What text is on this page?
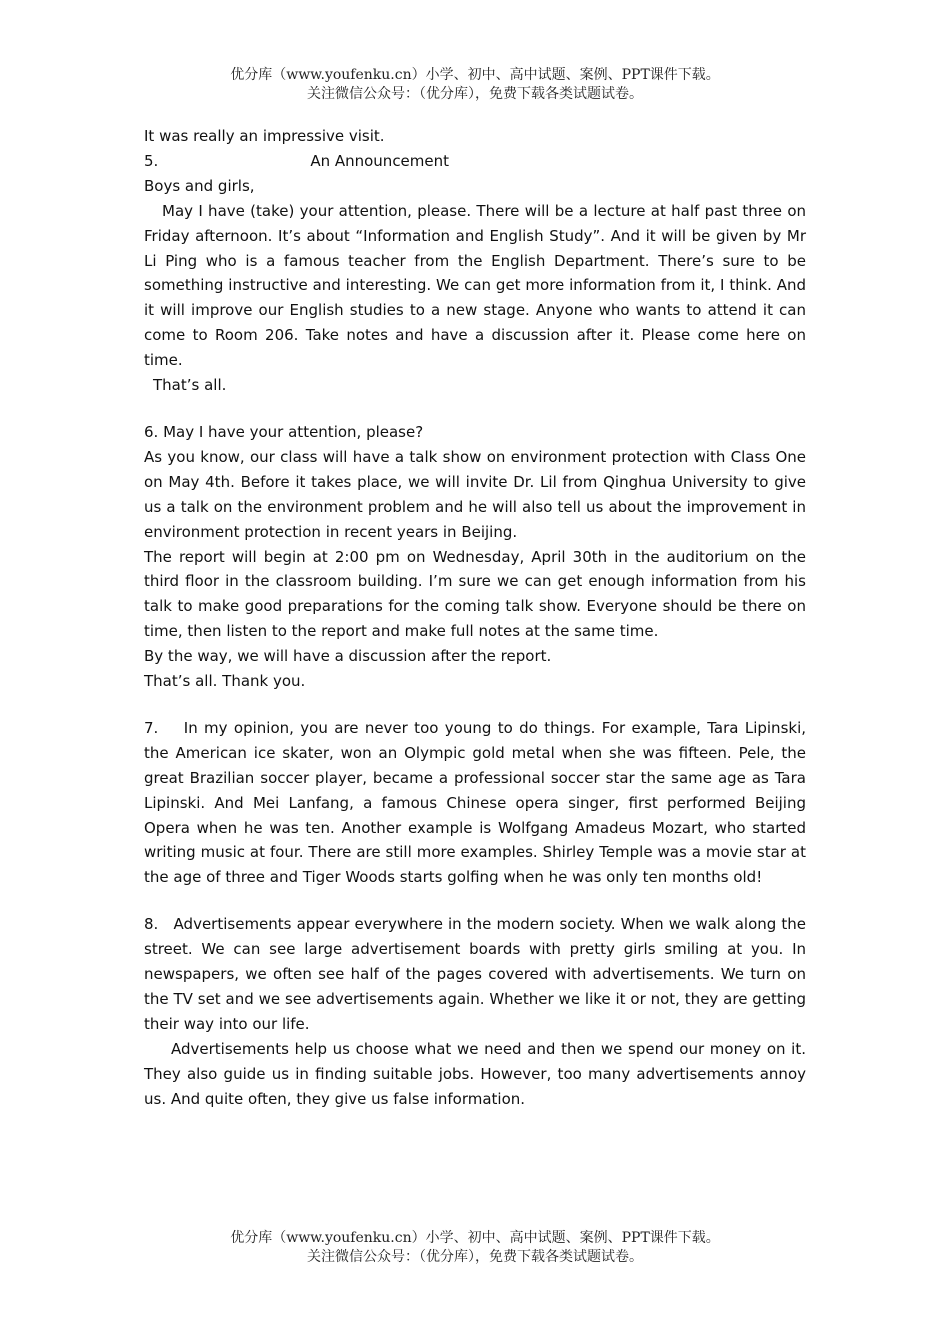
优分库（www.youfenku.cn）小学、初中、高中试题、案例、PPT课件下载。
关注微信公众号：（优分库），免费下载各类试题试卷。

It was really an impressive visit.

5.	An Announcement

Boys and girls,

May I have (take) your attention, please. There will be a lecture at half past three on Friday afternoon. It’s about “Information and English Study”. And it will be given by Mr Li Ping who is a famous teacher from the English Department. There’s sure to be something instructive and interesting. We can get more information from it, I think. And it will improve our English studies to a new stage. Anyone who wants to attend it can come to Room 206. Take notes and have a discussion after it. Please come here on time.

That’s all.

6. May I have your attention, please?

As you know, our class will have a talk show on environment protection with Class One on May 4th. Before it takes place, we will invite Dr. Lil from Qinghua University to give us a talk on the environment problem and he will also tell us about the improvement in environment protection in recent years in Beijing.

The report will begin at 2:00 pm on Wednesday, April 30th in the auditorium on the third floor in the classroom building. I’m sure we can get enough information from his talk to make good preparations for the coming talk show. Everyone should be there on time, then listen to the report and make full notes at the same time.

By the way, we will have a discussion after the report.

That’s all. Thank you.

7.    In my opinion, you are never too young to do things. For example, Tara Lipinski, the American ice skater, won an Olympic gold metal when she was fifteen. Pele, the great Brazilian soccer player, became a professional soccer star the same age as Tara Lipinski. And Mei Lanfang, a famous Chinese opera singer, first performed Beijing Opera when he was ten. Another example is Wolfgang Amadeus Mozart, who started writing music at four. There are still more examples. Shirley Temple was a movie star at the age of three and Tiger Woods starts golfing when he was only ten months old!

8.   Advertisements appear everywhere in the modern society. When we walk along the street. We can see large advertisement boards with pretty girls smiling at you. In newspapers, we often see half of the pages covered with advertisements. We turn on the TV set and we see advertisements again. Whether we like it or not, they are getting their way into our life.

Advertisements help us choose what we need and then we spend our money on it. They also guide us in finding suitable jobs. However, too many advertisements annoy us. And quite often, they give us false information.

优分库（www.youfenku.cn）小学、初中、高中试题、案例、PPT课件下载。
关注微信公众号：（优分库），免费下载各类试题试卷。
